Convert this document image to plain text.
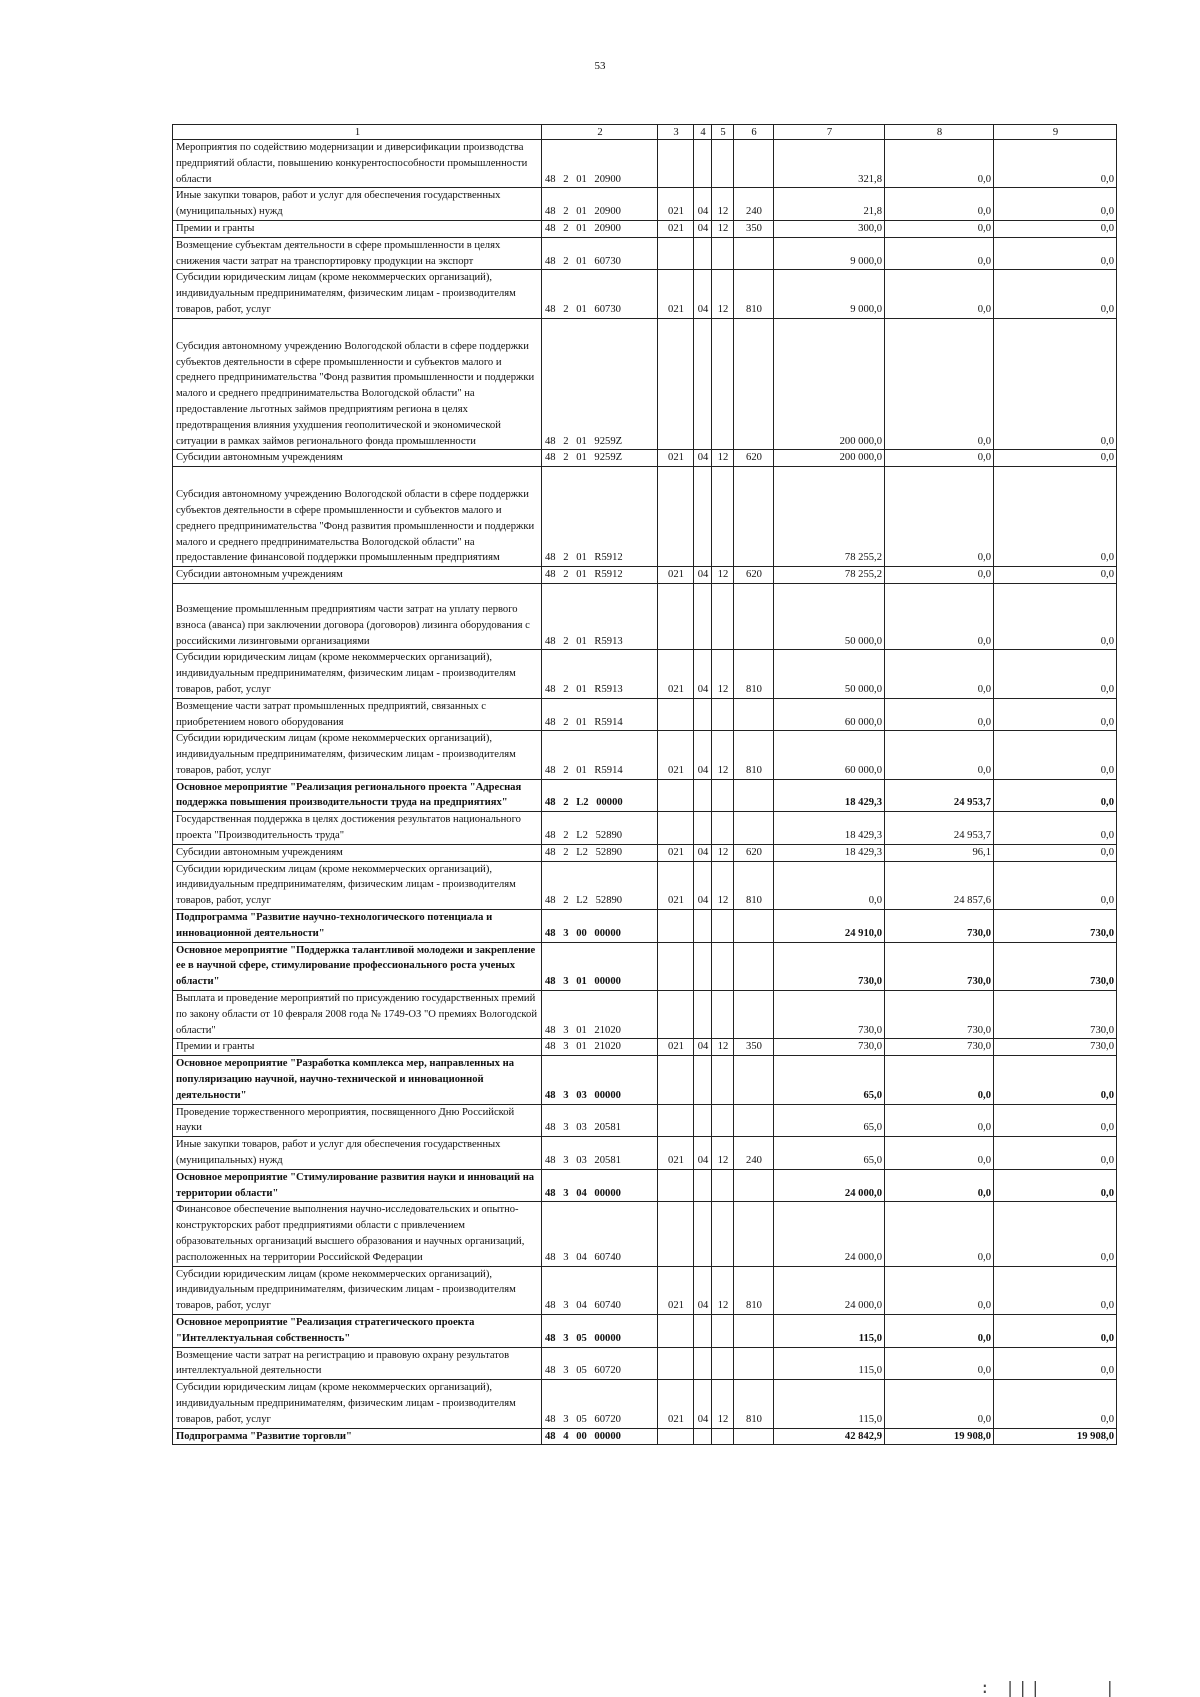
53
1	2	3	4	5	6	7	8	9
Мероприятия по содействию модернизации и диверсификации производства предприятий области, повышению конкурентоспособности промышленности области	48 2 01 20900					321,8	0,0	0,0
Иные закупки товаров, работ и услуг для обеспечения государственных (муниципальных) нужд	48 2 01 20900	021	04	12	240	21,8	0,0	0,0
Премии и гранты	48 2 01 20900	021	04	12	350	300,0	0,0	0,0
Возмещение субъектам деятельности в сфере промышленности в целях снижения части затрат на транспортировку продукции на экспорт	48 2 01 60730					9 000,0	0,0	0,0
Субсидии юридическим лицам (кроме некоммерческих организаций), индивидуальным предпринимателям, физическим лицам - производителям товаров, работ, услуг	48 2 01 60730	021	04	12	810	9 000,0	0,0	0,0
Субсидия автономному учреждению Вологодской области в сфере поддержки субъектов деятельности в сфере промышленности и субъектов малого и среднего предпринимательства "Фонд развития промышленности и поддержки малого и среднего предпринимательства Вологодской области" на предоставление льготных займов предприятиям региона в целях предотвращения влияния ухудшения геополитической и экономической ситуации в рамках займов регионального фонда промышленности	48 2 01 9259Z					200 000,0	0,0	0,0
Субсидии автономным учреждениям	48 2 01 9259Z	021	04	12	620	200 000,0	0,0	0,0
Субсидия автономному учреждению Вологодской области в сфере поддержки субъектов деятельности в сфере промышленности и субъектов малого и среднего предпринимательства "Фонд развития промышленности и поддержки малого и среднего предпринимательства Вологодской области" на предоставление финансовой поддержки промышленным предприятиям	48 2 01 R5912					78 255,2	0,0	0,0
Субсидии автономным учреждениям	48 2 01 R5912	021	04	12	620	78 255,2	0,0	0,0
Возмещение промышленным предприятиям части затрат на уплату первого взноса (аванса) при заключении договора (договоров) лизинга оборудования с российскими лизинговыми организациями	48 2 01 R5913					50 000,0	0,0	0,0
Субсидии юридическим лицам (кроме некоммерческих организаций), индивидуальным предпринимателям, физическим лицам - производителям товаров, работ, услуг	48 2 01 R5913	021	04	12	810	50 000,0	0,0	0,0
Возмещение части затрат промышленных предприятий, связанных с приобретением нового оборудования	48 2 01 R5914					60 000,0	0,0	0,0
Субсидии юридическим лицам (кроме некоммерческих организаций), индивидуальным предпринимателям, физическим лицам - производителям товаров, работ, услуг	48 2 01 R5914	021	04	12	810	60 000,0	0,0	0,0
Основное мероприятие "Реализация регионального проекта "Адресная поддержка повышения производительности труда на предприятиях"	48 2 L2 00000					18 429,3	24 953,7	0,0
Государственная поддержка в целях достижения результатов национального проекта "Производительность труда"	48 2 L2 52890					18 429,3	24 953,7	0,0
Субсидии автономным учреждениям	48 2 L2 52890	021	04	12	620	18 429,3	96,1	0,0
Субсидии юридическим лицам (кроме некоммерческих организаций), индивидуальным предпринимателям, физическим лицам - производителям товаров, работ, услуг	48 2 L2 52890	021	04	12	810	0,0	24 857,6	0,0
Подпрограмма "Развитие научно-технологического потенциала и инновационной деятельности"	48 3 00 00000					24 910,0	730,0	730,0
Основное мероприятие "Поддержка талантливой молодежи и закрепление ее в научной сфере, стимулирование профессионального роста ученых области"	48 3 01 00000					730,0	730,0	730,0
Выплата и проведение мероприятий по присуждению государственных премий по закону области от 10 февраля 2008 года № 1749-ОЗ "О премиях Вологодской области"	48 3 01 21020					730,0	730,0	730,0
Премии и гранты	48 3 01 21020	021	04	12	350	730,0	730,0	730,0
Основное мероприятие "Разработка комплекса мер, направленных на популяризацию научной, научно-технической и инновационной деятельности"	48 3 03 00000					65,0	0,0	0,0
Проведение торжественного мероприятия, посвященного Дню Российской науки	48 3 03 20581					65,0	0,0	0,0
Иные закупки товаров, работ и услуг для обеспечения государственных (муниципальных) нужд	48 3 03 20581	021	04	12	240	65,0	0,0	0,0
Основное мероприятие "Стимулирование развития науки и инноваций на территории области"	48 3 04 00000					24 000,0	0,0	0,0
Финансовое обеспечение выполнения научно-исследовательских и опытно-конструкторских работ предприятиями области с привлечением образовательных организаций высшего образования и научных организаций, расположенных на территории Российской Федерации	48 3 04 60740					24 000,0	0,0	0,0
Субсидии юридическим лицам (кроме некоммерческих организаций), индивидуальным предпринимателям, физическим лицам - производителям товаров, работ, услуг	48 3 04 60740	021	04	12	810	24 000,0	0,0	0,0
Основное мероприятие "Реализация стратегического проекта "Интеллектуальная собственность"	48 3 05 00000					115,0	0,0	0,0
Возмещение части затрат на регистрацию и правовую охрану результатов интеллектуальной деятельности	48 3 05 60720					115,0	0,0	0,0
Субсидии юридическим лицам (кроме некоммерческих организаций), индивидуальным предпринимателям, физическим лицам - производителям товаров, работ, услуг	48 3 05 60720	021	04	12	810	115,0	0,0	0,0
Подпрограмма "Развитие торговли"	48 4 00 00000					42 842,9	19 908,0	19 908,0
: |||	|
